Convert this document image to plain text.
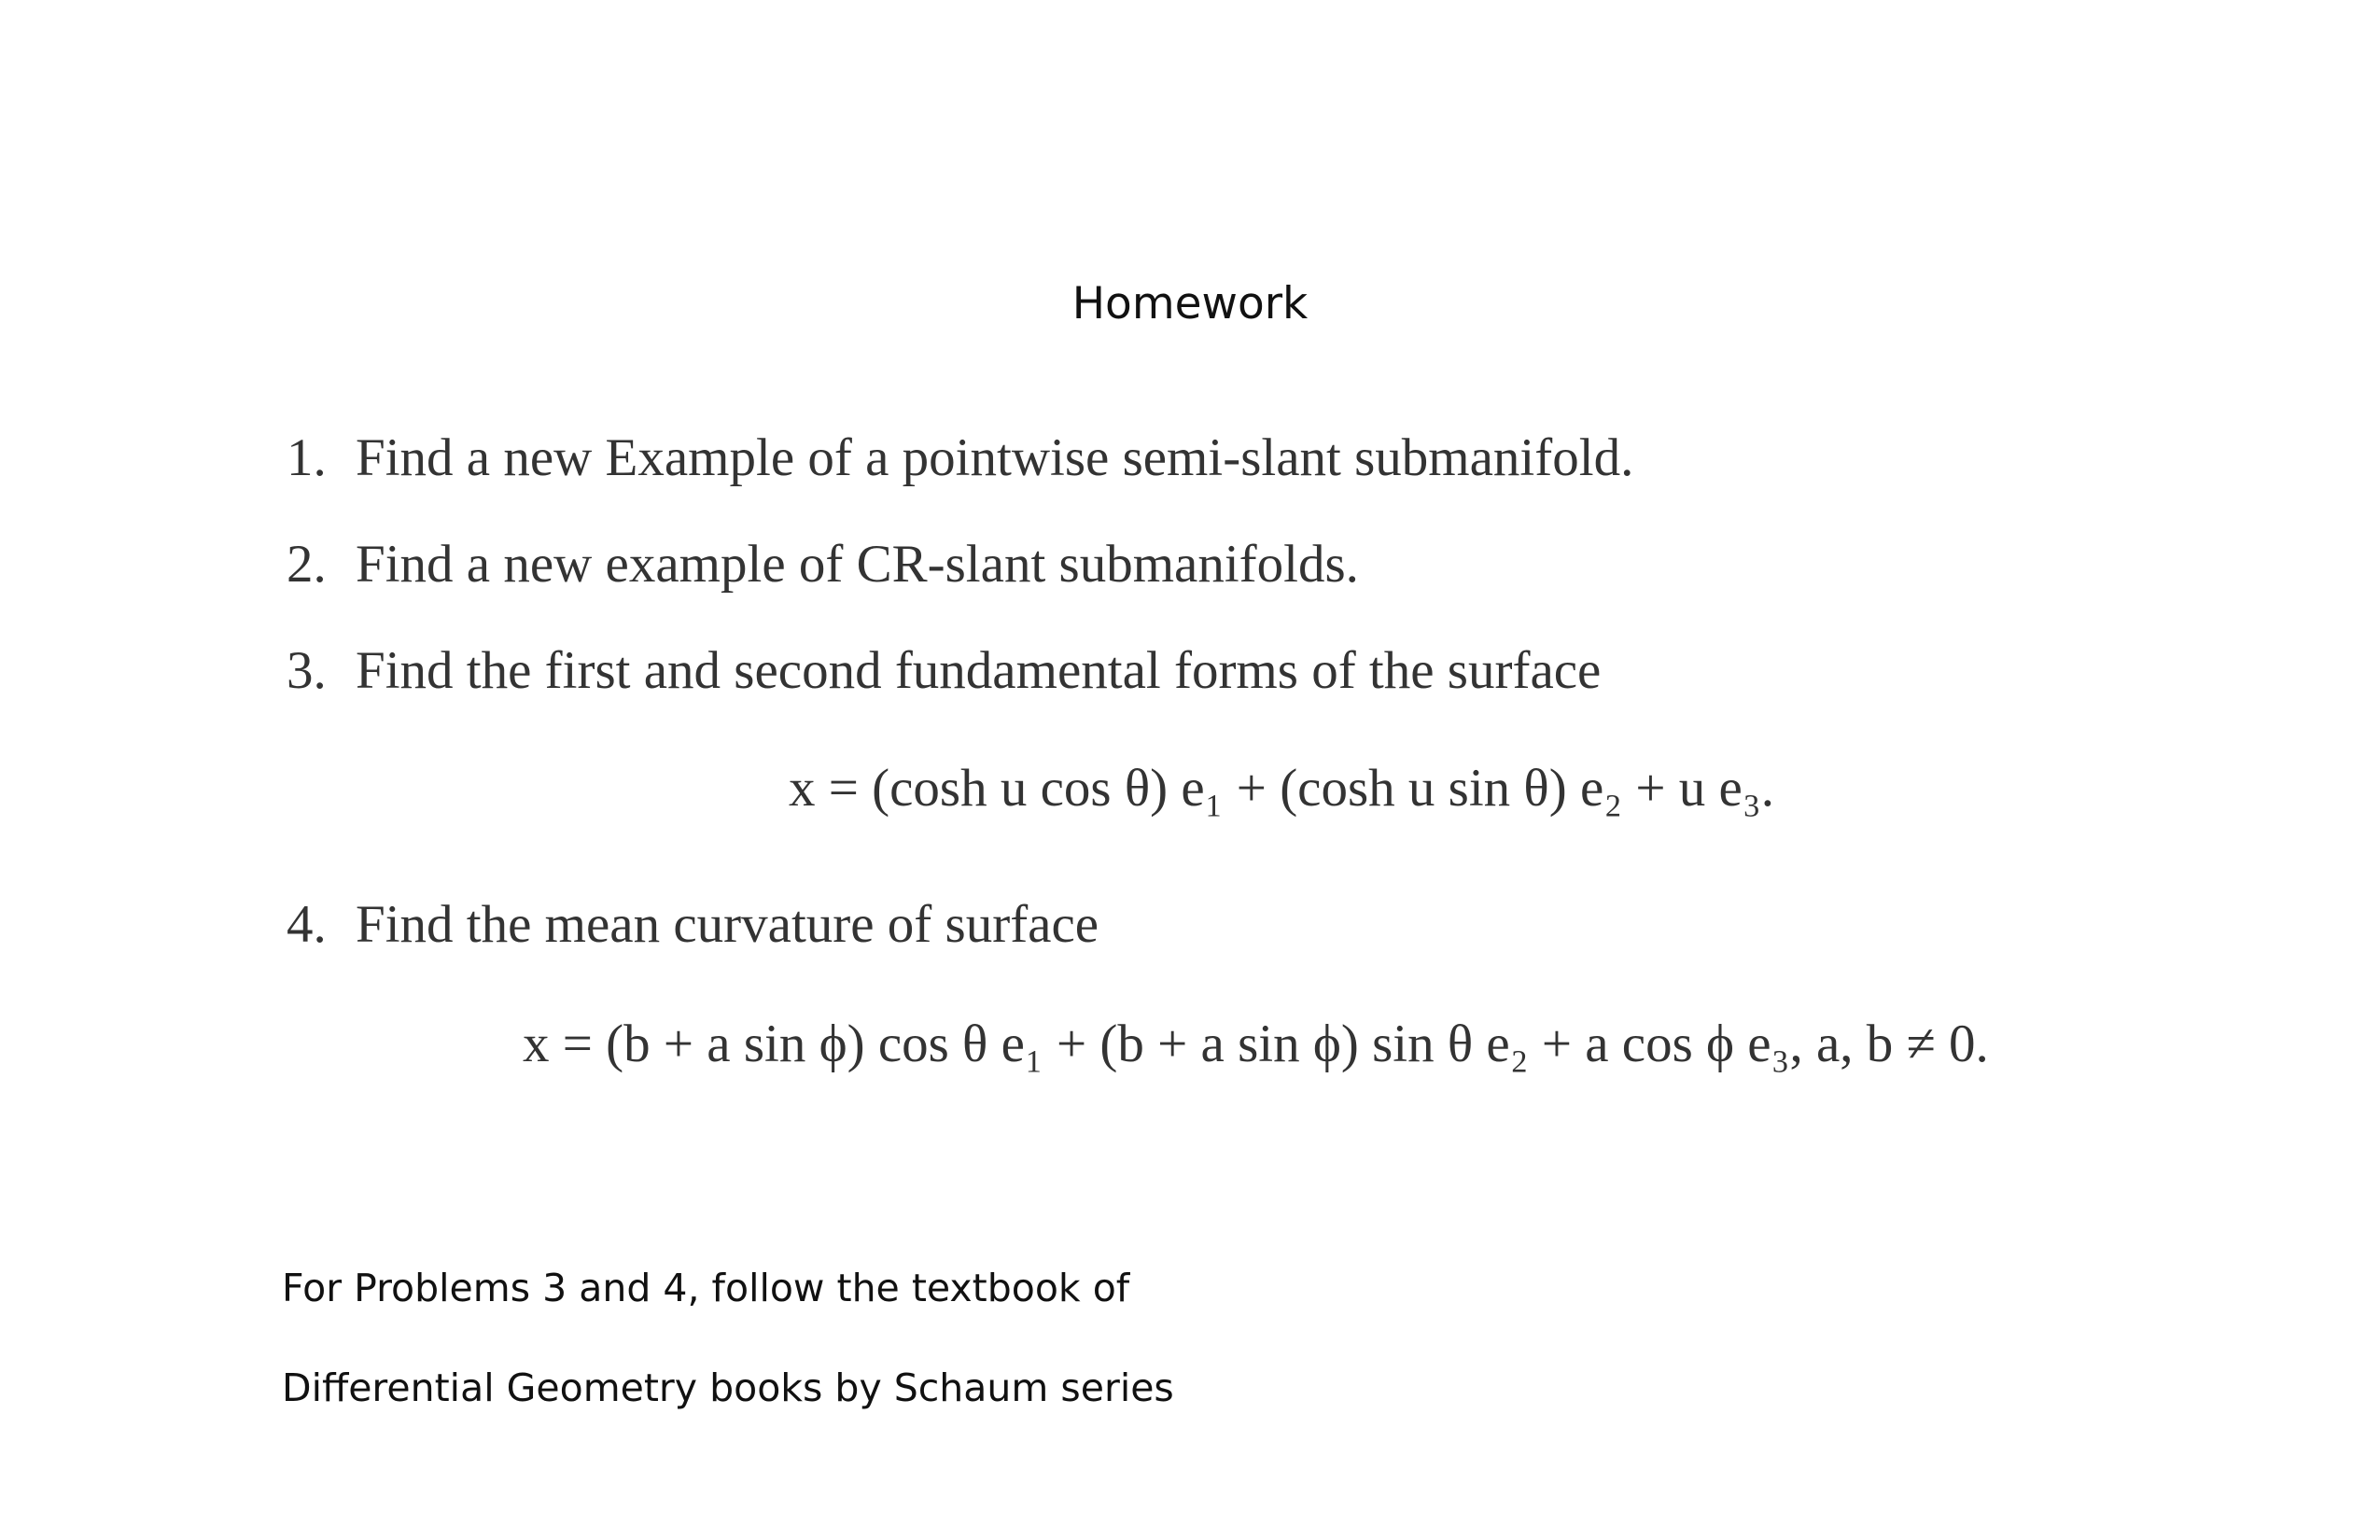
Homework
1. Find a new Example of a pointwise semi-slant submanifold.
2. Find a new example of CR-slant submanifolds.
3. Find the first and second fundamental forms of the surface
x = (cosh u cos θ) e₁ + (cosh u sin θ) e₂ + u e₃.
4. Find the mean curvature of surface
x = (b + a sin ϕ) cos θ e₁ + (b + a sin ϕ) sin θ e₂ + a cos ϕ e₃, a, b ≠ 0.
For Problems 3 and 4, follow the textbook of
Differential Geometry books by Schaum series
